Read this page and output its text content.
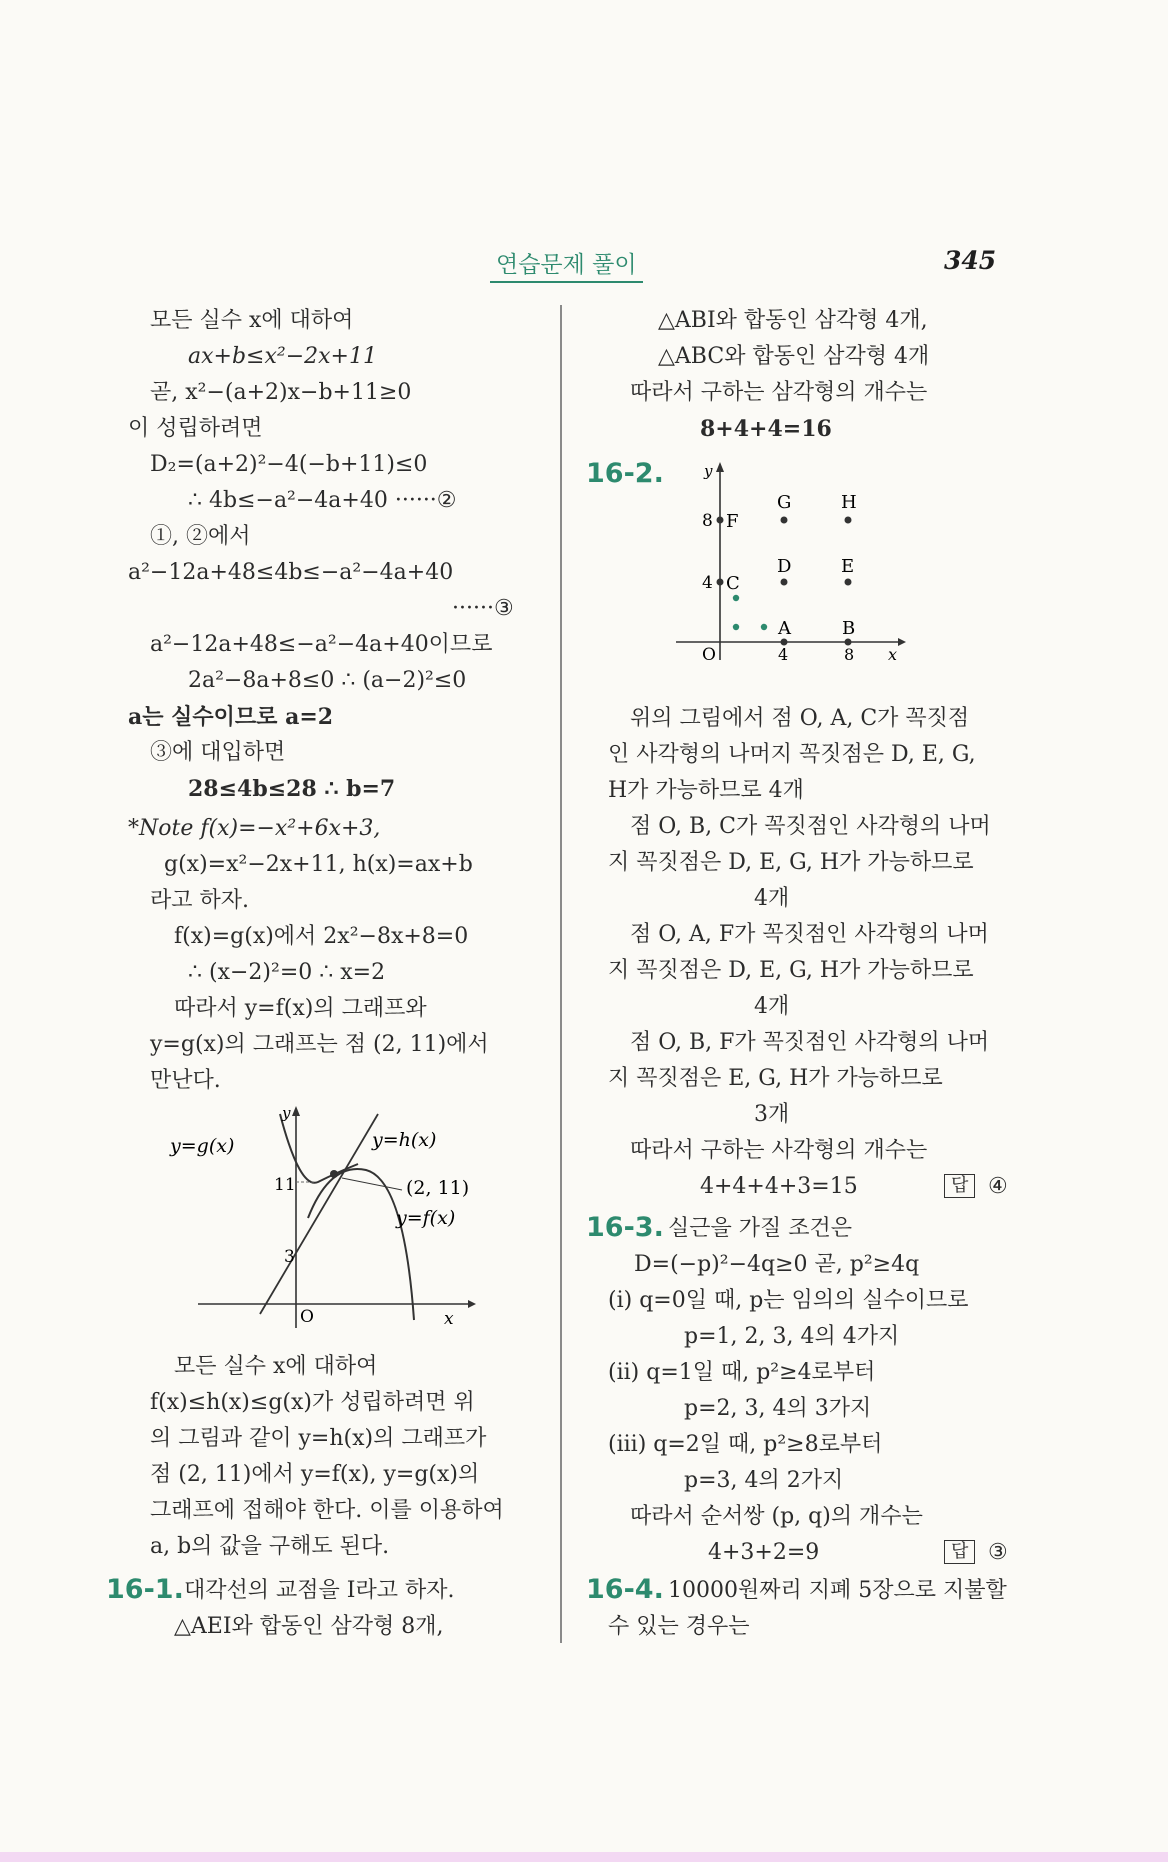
연습문제 풀이	345
모든 실수 x에 대하여
ax+b≤x²−2x+11
곧, x²−(a+2)x−b+11≥0
이 성립하려면
D₂=(a+2)²−4(−b+11)≤0
∴ 4b≤−a²−4a+40 ······②
①, ②에서
a²−12a+48≤4b≤−a²−4a+40
······③
a²−12a+48≤−a²−4a+40이므로
2a²−8a+8≤0 ∴ (a−2)²≤0
a는 실수이므로 a=2
③에 대입하면
28≤4b≤28 ∴ b=7
*Note f(x)=−x²+6x+3,
g(x)=x²−2x+11, h(x)=ax+b
라고 하자.
f(x)=g(x)에서 2x²−8x+8=0
∴ (x−2)²=0 ∴ x=2
따라서 y=f(x)의 그래프와
y=g(x)의 그래프는 점 (2, 11)에서
만난다.
y=g(x)	y=h(x)
y=f(x)
(2, 11)
11
3
O	x
y
모든 실수 x에 대하여
f(x)≤h(x)≤g(x)가 성립하려면 위
의 그림과 같이 y=h(x)의 그래프가
점 (2, 11)에서 y=f(x), y=g(x)의
그래프에 접해야 한다. 이를 이용하여
a, b의 값을 구해도 된다.
16-1. 대각선의 교점을 I라고 하자.
△AEI와 합동인 삼각형 8개,
△ABI와 합동인 삼각형 4개,
△ABC와 합동인 삼각형 4개
따라서 구하는 삼각형의 개수는
8+4+4=16
16-2.	y
x
O
8
4
4	8
F
C
G	H
D	E
A	B
위의 그림에서 점 O, A, C가 꼭짓점
인 사각형의 나머지 꼭짓점은 D, E, G,
H가 가능하므로 4개
점 O, B, C가 꼭짓점인 사각형의 나머
지 꼭짓점은 D, E, G, H가 가능하므로
4개
점 O, A, F가 꼭짓점인 사각형의 나머
지 꼭짓점은 D, E, G, H가 가능하므로
4개
점 O, B, F가 꼭짓점인 사각형의 나머
지 꼭짓점은 E, G, H가 가능하므로
3개
따라서 구하는 사각형의 개수는
4+4+4+3=15	답 ④
16-3. 실근을 가질 조건은
D=(−p)²−4q≥0 곧, p²≥4q
(i) q=0일 때, p는 임의의 실수이므로
p=1, 2, 3, 4의 4가지
(ii) q=1일 때, p²≥4로부터
p=2, 3, 4의 3가지
(iii) q=2일 때, p²≥8로부터
p=3, 4의 2가지
따라서 순서쌍 (p, q)의 개수는
4+3+2=9	답 ③
16-4. 10000원짜리 지폐 5장으로 지불할
수 있는 경우는
